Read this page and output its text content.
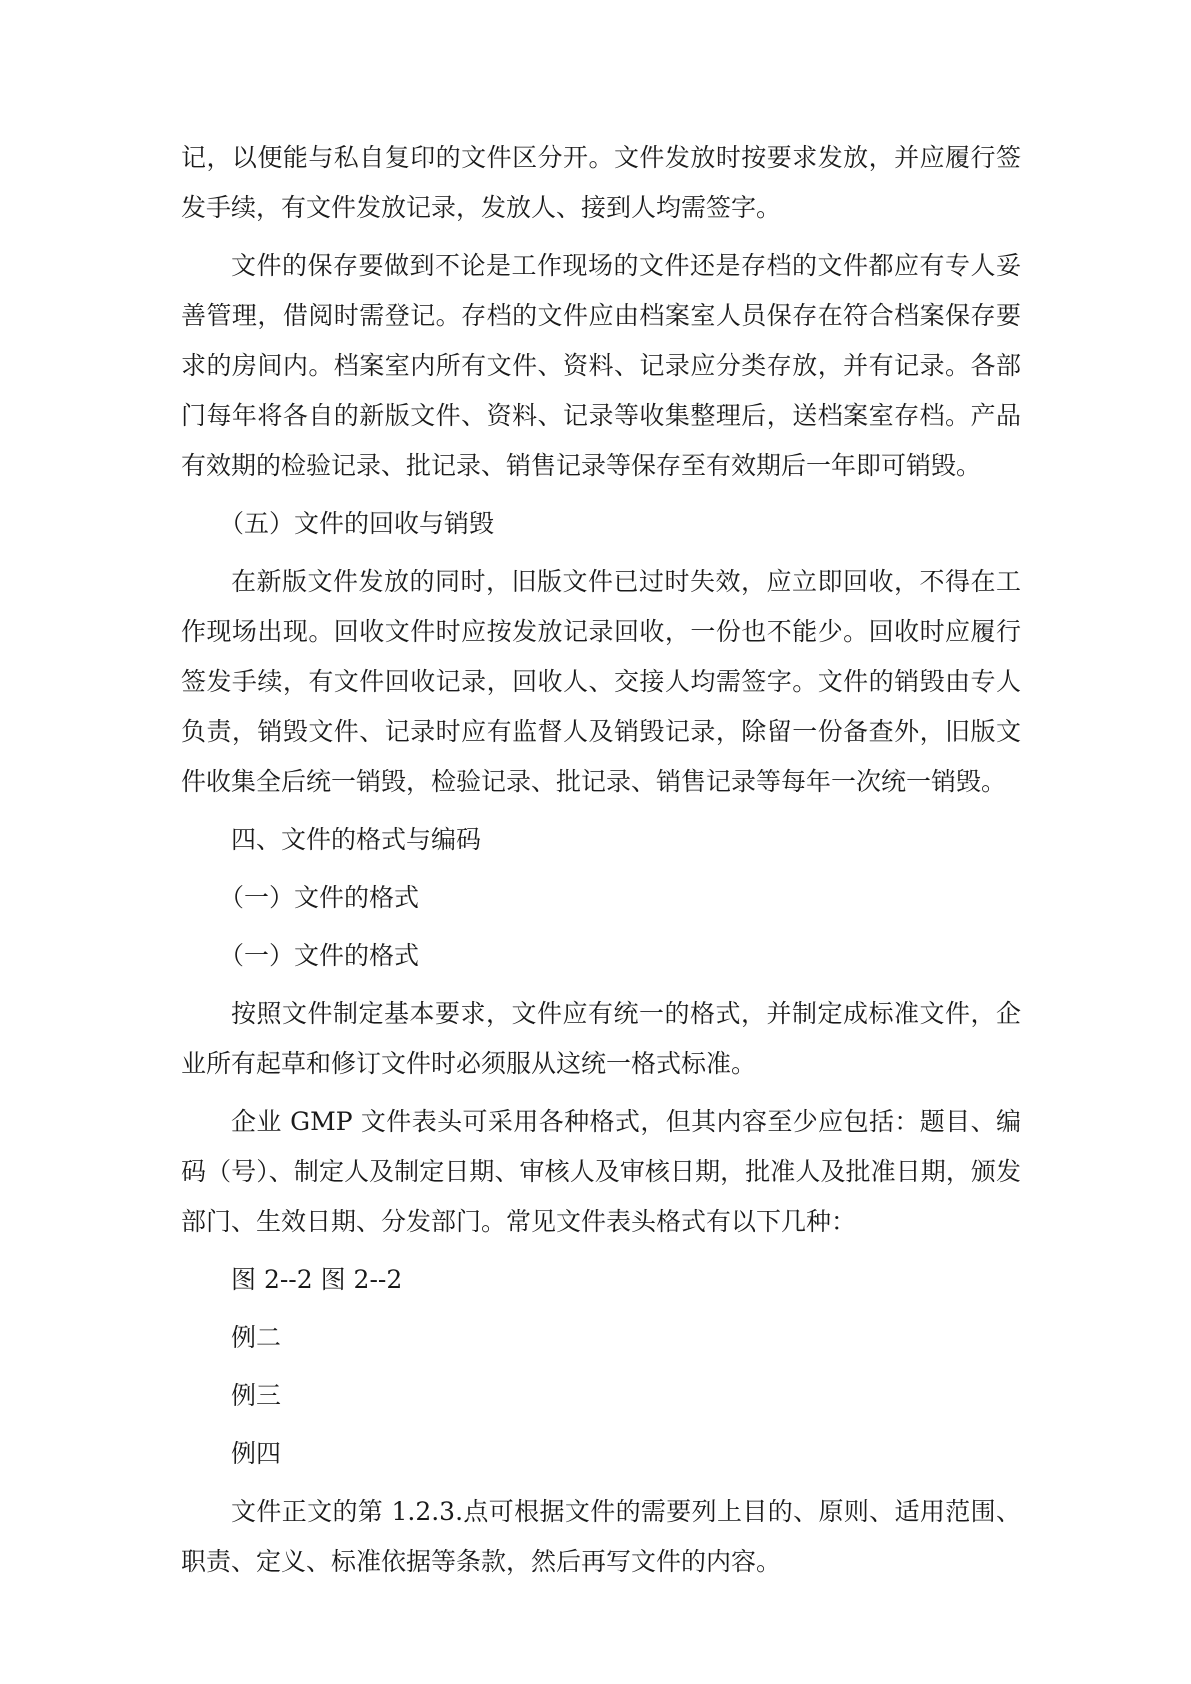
记，以便能与私自复印的文件区分开。文件发放时按要求发放，并应履行签发手续，有文件发放记录，发放人、接到人均需签字。

文件的保存要做到不论是工作现场的文件还是存档的文件都应有专人妥善管理，借阅时需登记。存档的文件应由档案室人员保存在符合档案保存要求的房间内。档案室内所有文件、资料、记录应分类存放，并有记录。各部门每年将各自的新版文件、资料、记录等收集整理后，送档案室存档。产品有效期的检验记录、批记录、销售记录等保存至有效期后一年即可销毁。

（五）文件的回收与销毁

在新版文件发放的同时，旧版文件已过时失效，应立即回收，不得在工作现场出现。回收文件时应按发放记录回收，一份也不能少。回收时应履行签发手续，有文件回收记录，回收人、交接人均需签字。文件的销毁由专人负责，销毁文件、记录时应有监督人及销毁记录，除留一份备查外，旧版文件收集全后统一销毁，检验记录、批记录、销售记录等每年一次统一销毁。

四、文件的格式与编码

（一）文件的格式

（一）文件的格式

按照文件制定基本要求，文件应有统一的格式，并制定成标准文件，企业所有起草和修订文件时必须服从这统一格式标准。

企业 GMP 文件表头可采用各种格式，但其内容至少应包括：题目、编码（号）、制定人及制定日期、审核人及审核日期，批准人及批准日期，颁发部门、生效日期、分发部门。常见文件表头格式有以下几种：

图 2--2 图 2--2

例二

例三

例四

文件正文的第 1.2.3.点可根据文件的需要列上目的、原则、适用范围、职责、定义、标准依据等条款，然后再写文件的内容。
